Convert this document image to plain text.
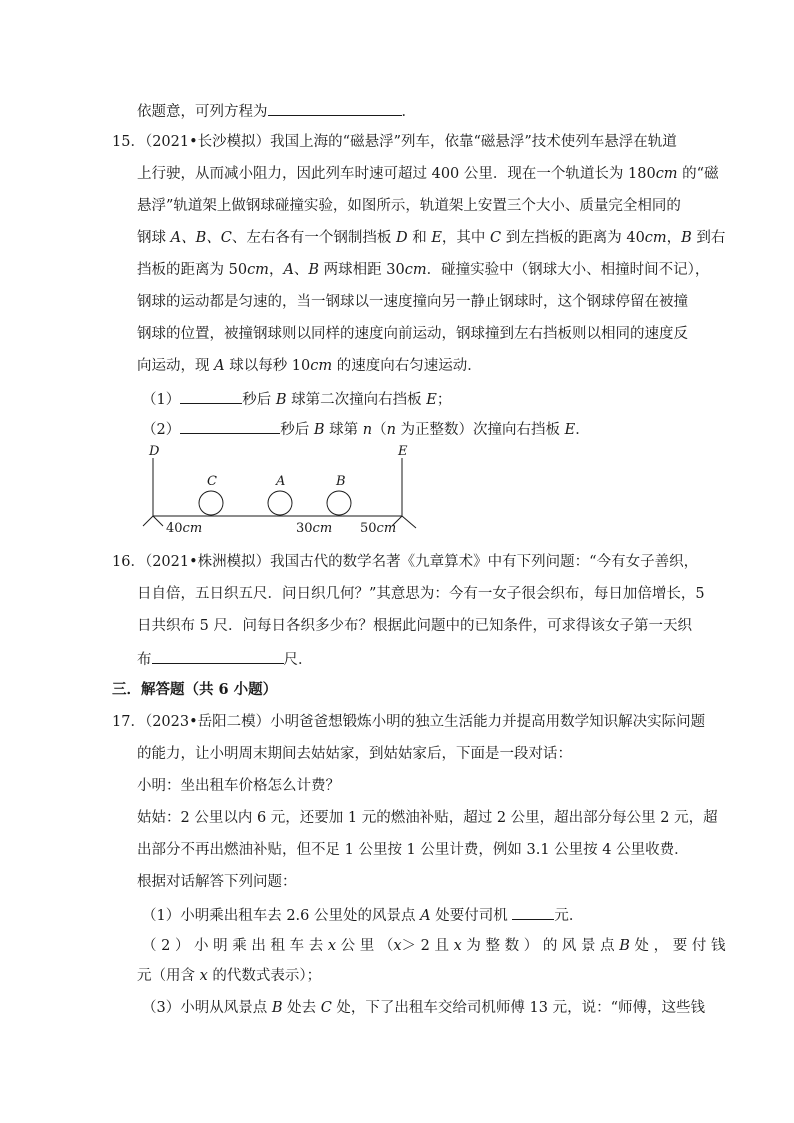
依题意，可列方程为	．
15．（2021•长沙模拟）我国上海的“磁悬浮”列车，依靠“磁悬浮”技术使列车悬浮在轨道
上行驶，从而减小阻力，因此列车时速可超过 400 公里．现在一个轨道长为 180cm 的“磁
悬浮”轨道架上做钢球碰撞实验，如图所示，轨道架上安置三个大小、质量完全相同的
钢球 A、B、C、左右各有一个钢制挡板 D 和 E，其中 C 到左挡板的距离为 40cm，B 到右
挡板的距离为 50cm，A、B 两球相距 30cm．碰撞实验中（钢球大小、相撞时间不记），
钢球的运动都是匀速的，当一钢球以一速度撞向另一静止钢球时，这个钢球停留在被撞
钢球的位置，被撞钢球则以同样的速度向前运动，钢球撞到左右挡板则以相同的速度反
向运动，现 A 球以每秒 10cm 的速度向右匀速运动．
（1）	秒后 B 球第二次撞向右挡板 E；
（2）	秒后 B 球第 n（n 为正整数）次撞向右挡板 E．
D	E
C	A	B
40cm	30cm 50cm
16．（2021•株洲模拟）我国古代的数学名著《九章算术》中有下列问题：“今有女子善织，
日自倍，五日织五尺．问日织几何？”其意思为：今有一女子很会织布，每日加倍增长，5
日共织布 5 尺．问每日各织多少布？根据此问题中的已知条件，可求得该女子第一天织
布	尺．
三．解答题（共 6 小题）
17．（2023•岳阳二模）小明爸爸想锻炼小明的独立生活能力并提高用数学知识解决实际问题
的能力，让小明周末期间去姑姑家，到姑姑家后，下面是一段对话：
小明：坐出租车价格怎么计费？
姑姑：2 公里以内 6 元，还要加 1 元的燃油补贴，超过 2 公里，超出部分每公里 2 元，超
出部分不再出燃油补贴，但不足 1 公里按 1 公里计费，例如 3.1 公里按 4 公里收费．
根据对话解答下列问题：
（1）小明乘出租车去 2.6 公里处的风景点 A 处要付司机	元．
（ 2 ） 小 明 乘 出 租 车 去 x 公 里 （x＞ 2 且 x 为 整 数 ） 的 风 景 点 B 处 ， 要 付 钱
元（用含 x 的代数式表示）；
（3）小明从风景点 B 处去 C 处，下了出租车交给司机师傅 13 元，说：“师傅，这些钱
